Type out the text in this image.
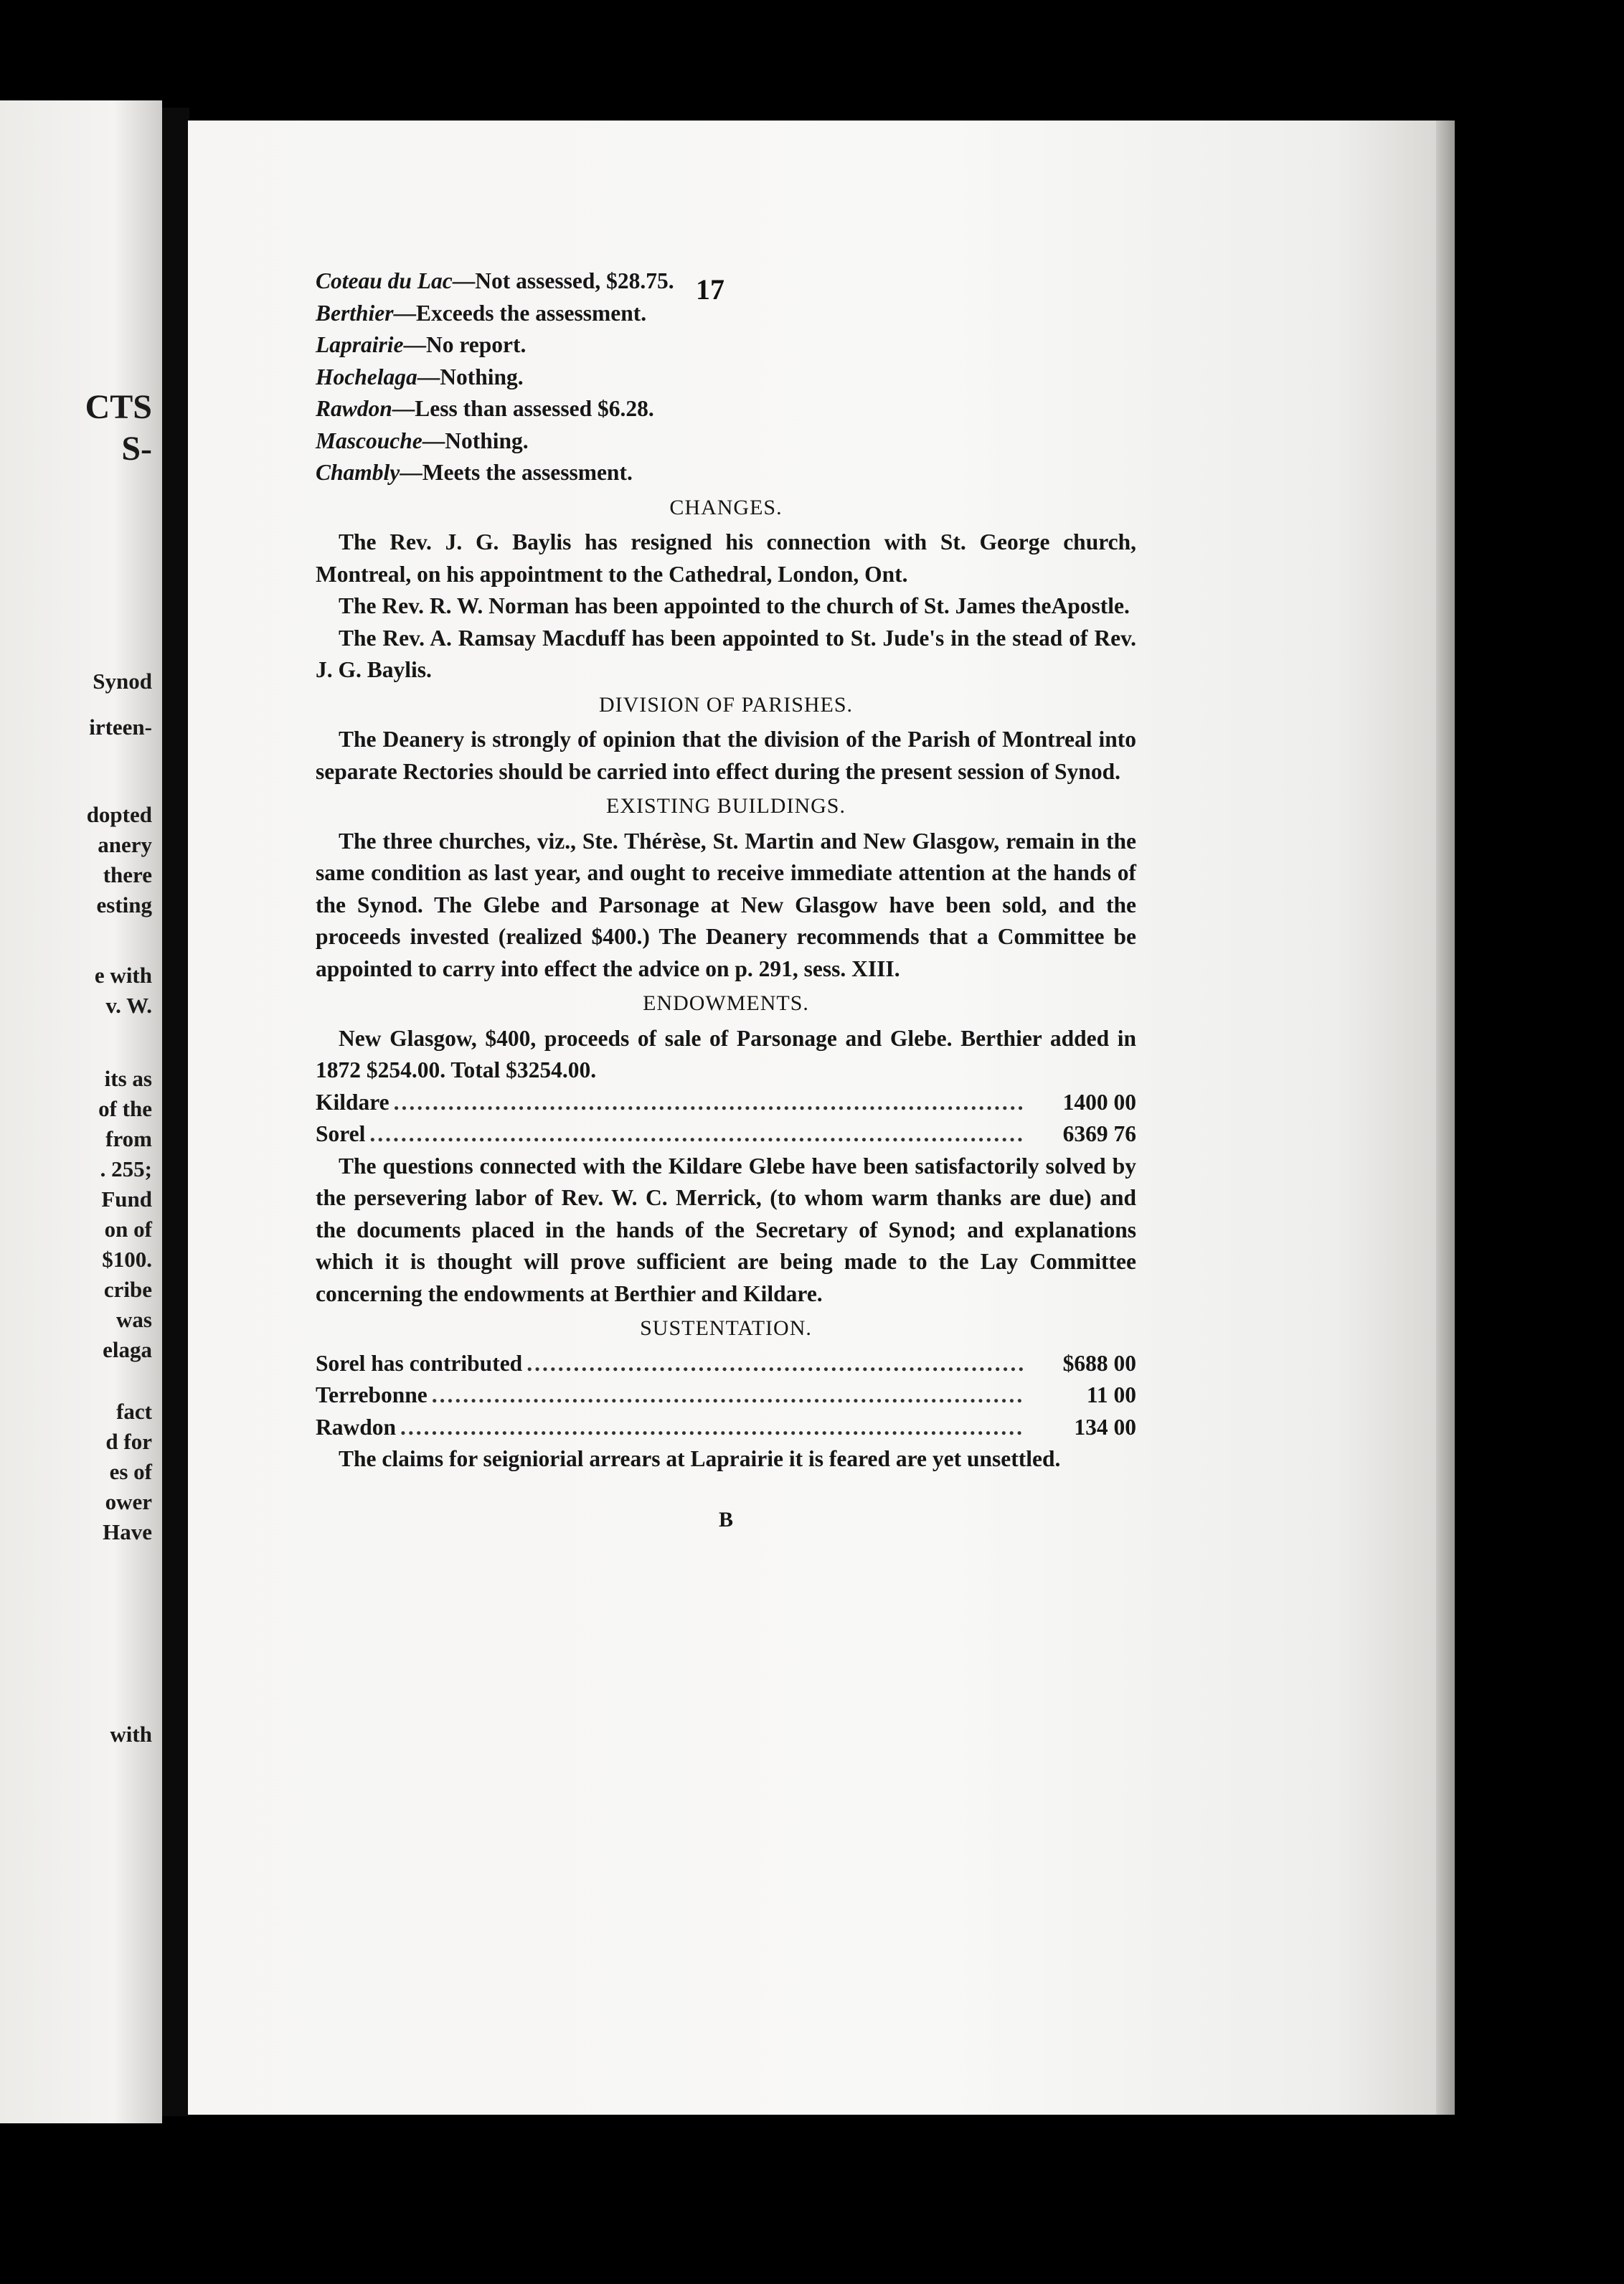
CTS
S-
Synod
irteen-
dopted
anery
there
esting
e with
v. W.
its as
of the
from
. 255;
Fund
on of
$100.
cribe
was
elaga
fact
d for
es of
ower
Have
with
17
Coteau du Lac—Not assessed, $28.75.
Berthier—Exceeds the assessment.
Laprairie—No report.
Hochelaga—Nothing.
Rawdon—Less than assessed $6.28.
Mascouche—Nothing.
Chambly—Meets the assessment.
CHANGES.

The Rev. J. G. Baylis has resigned his connection with St. George church, Montreal, on his appointment to the Cathedral, London, Ont.

The Rev. R. W. Norman has been appointed to the church of St. James theApostle.

The Rev. A. Ramsay Macduff has been appointed to St. Jude's in the stead of Rev. J. G. Baylis.

DIVISION OF PARISHES.

The Deanery is strongly of opinion that the division of the Parish of Montreal into separate Rectories should be carried into effect during the present session of Synod.

EXISTING BUILDINGS.

The three churches, viz., Ste. Thérèse, St. Martin and New Glasgow, remain in the same condition as last year, and ought to receive immediate attention at the hands of the Synod. The Glebe and Parsonage at New Glasgow have been sold, and the proceeds invested (realized $400.) The Deanery recommends that a Committee be appointed to carry into effect the advice on p. 291, sess. XIII.

ENDOWMENTS.

New Glasgow, $400, proceeds of sale of Parsonage and Glebe. Berthier added in 1872 $254.00. Total $3254.00.

Kildare .....	1400 00
Sorel .....	6369 76

The questions connected with the Kildare Glebe have been satisfactorily solved by the persevering labor of Rev. W. C. Merrick, (to whom warm thanks are due) and the documents placed in the hands of the Secretary of Synod; and explanations which it is thought will prove sufficient are being made to the Lay Committee concerning the endowments at Berthier and Kildare.

SUSTENTATION.
Sorel has contributed .....	$688 00
Terrebonne .....	11 00
Rawdon .....	134 00

The claims for seigniorial arrears at Laprairie it is feared are yet unsettled.

B
